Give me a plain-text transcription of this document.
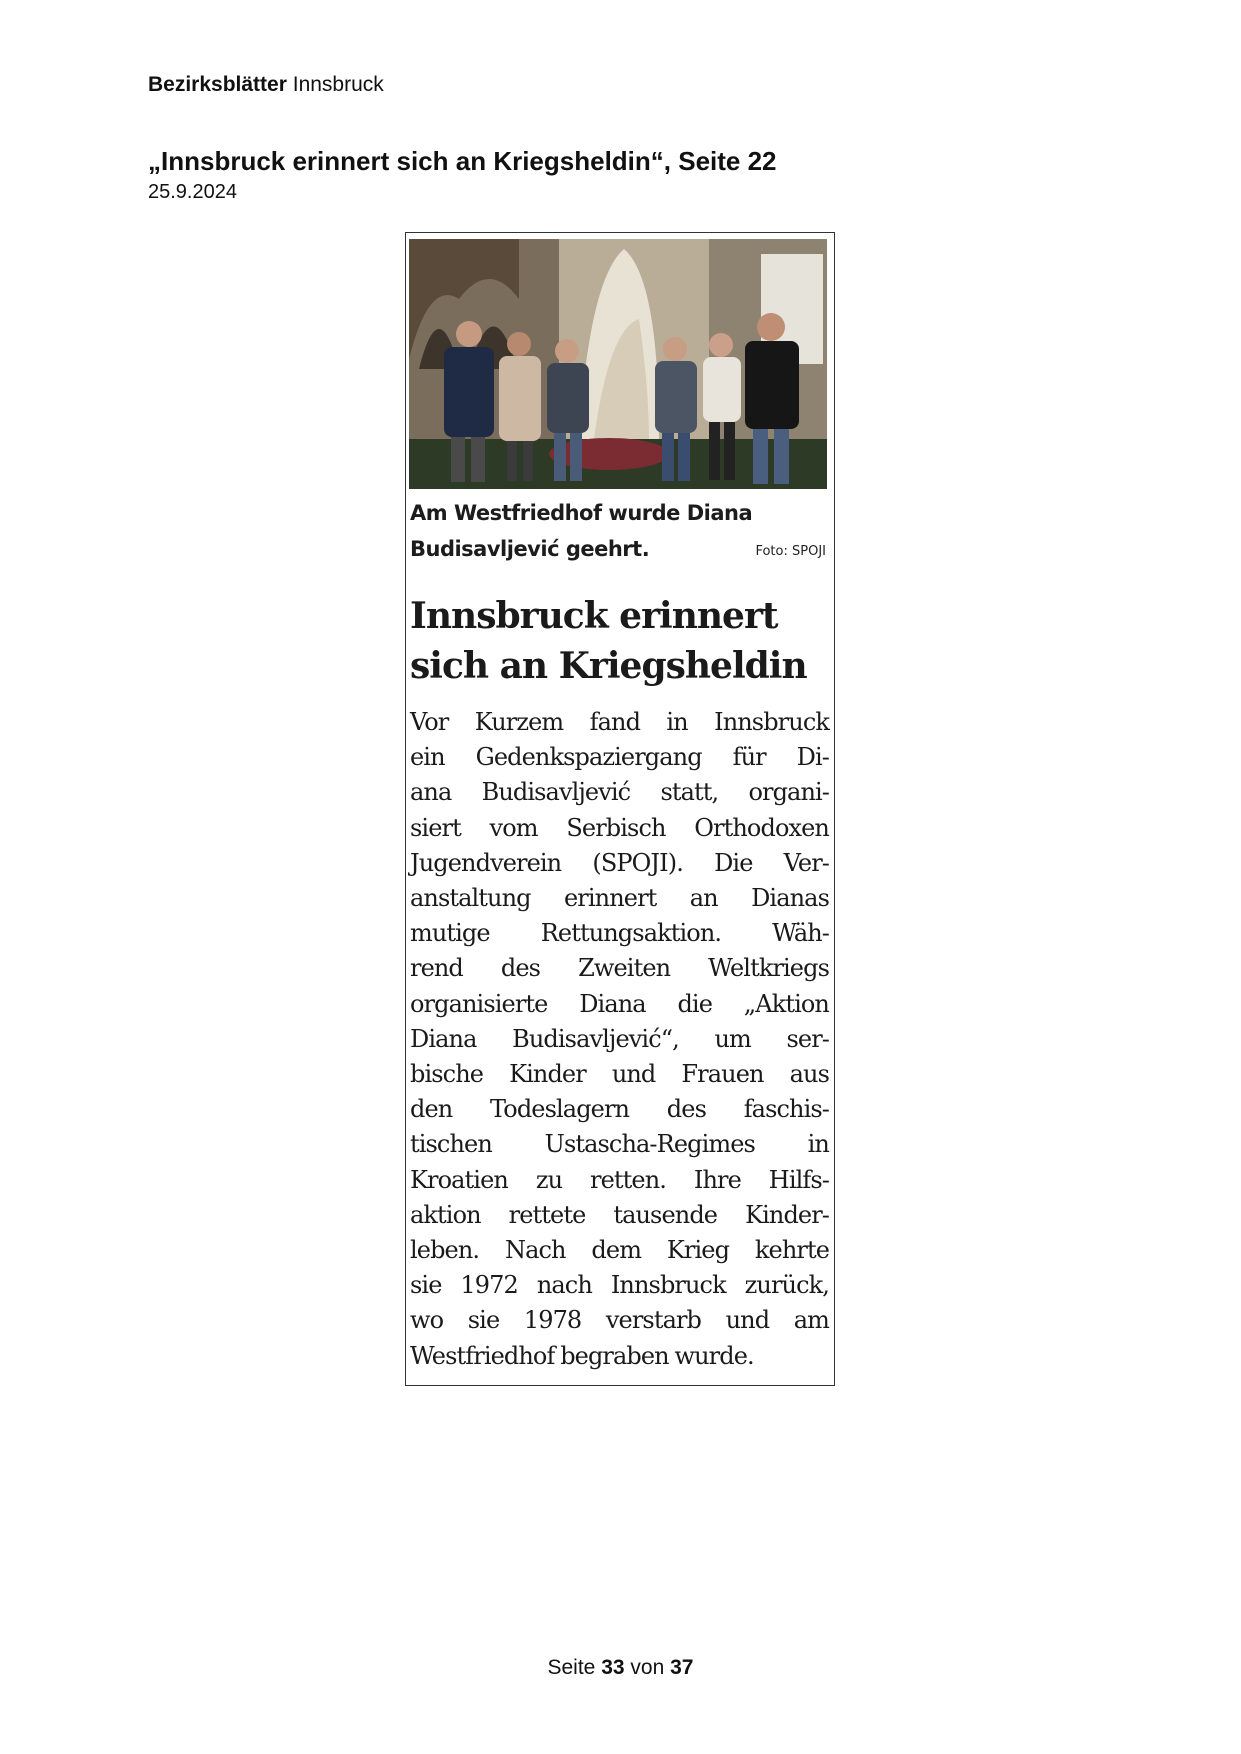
Bezirksblätter Innsbruck
„Innsbruck erinnert sich an Kriegsheldin“, Seite 22
25.9.2024
Am Westfriedhof wurde Diana
Budisavljević geehrt.	Foto: SPOJI
Innsbruck erinnert
sich an Kriegsheldin
Vor Kurzem fand in Innsbruck
ein Gedenkspaziergang für Di-
ana Budisavljević statt, organi-
siert vom Serbisch Orthodoxen
Jugendverein (SPOJI). Die Ver-
anstaltung erinnert an Dianas
mutige Rettungsaktion. Wäh-
rend des Zweiten Weltkriegs
organisierte Diana die „Aktion
Diana Budisavljević“, um ser-
bische Kinder und Frauen aus
den Todeslagern des faschis-
tischen Ustascha-Regimes in
Kroatien zu retten. Ihre Hilfs-
aktion rettete tausende Kinder-
leben. Nach dem Krieg kehrte
sie 1972 nach Innsbruck zurück,
wo sie 1978 verstarb und am
Westfriedhof begraben wurde.
Seite 33 von 37
